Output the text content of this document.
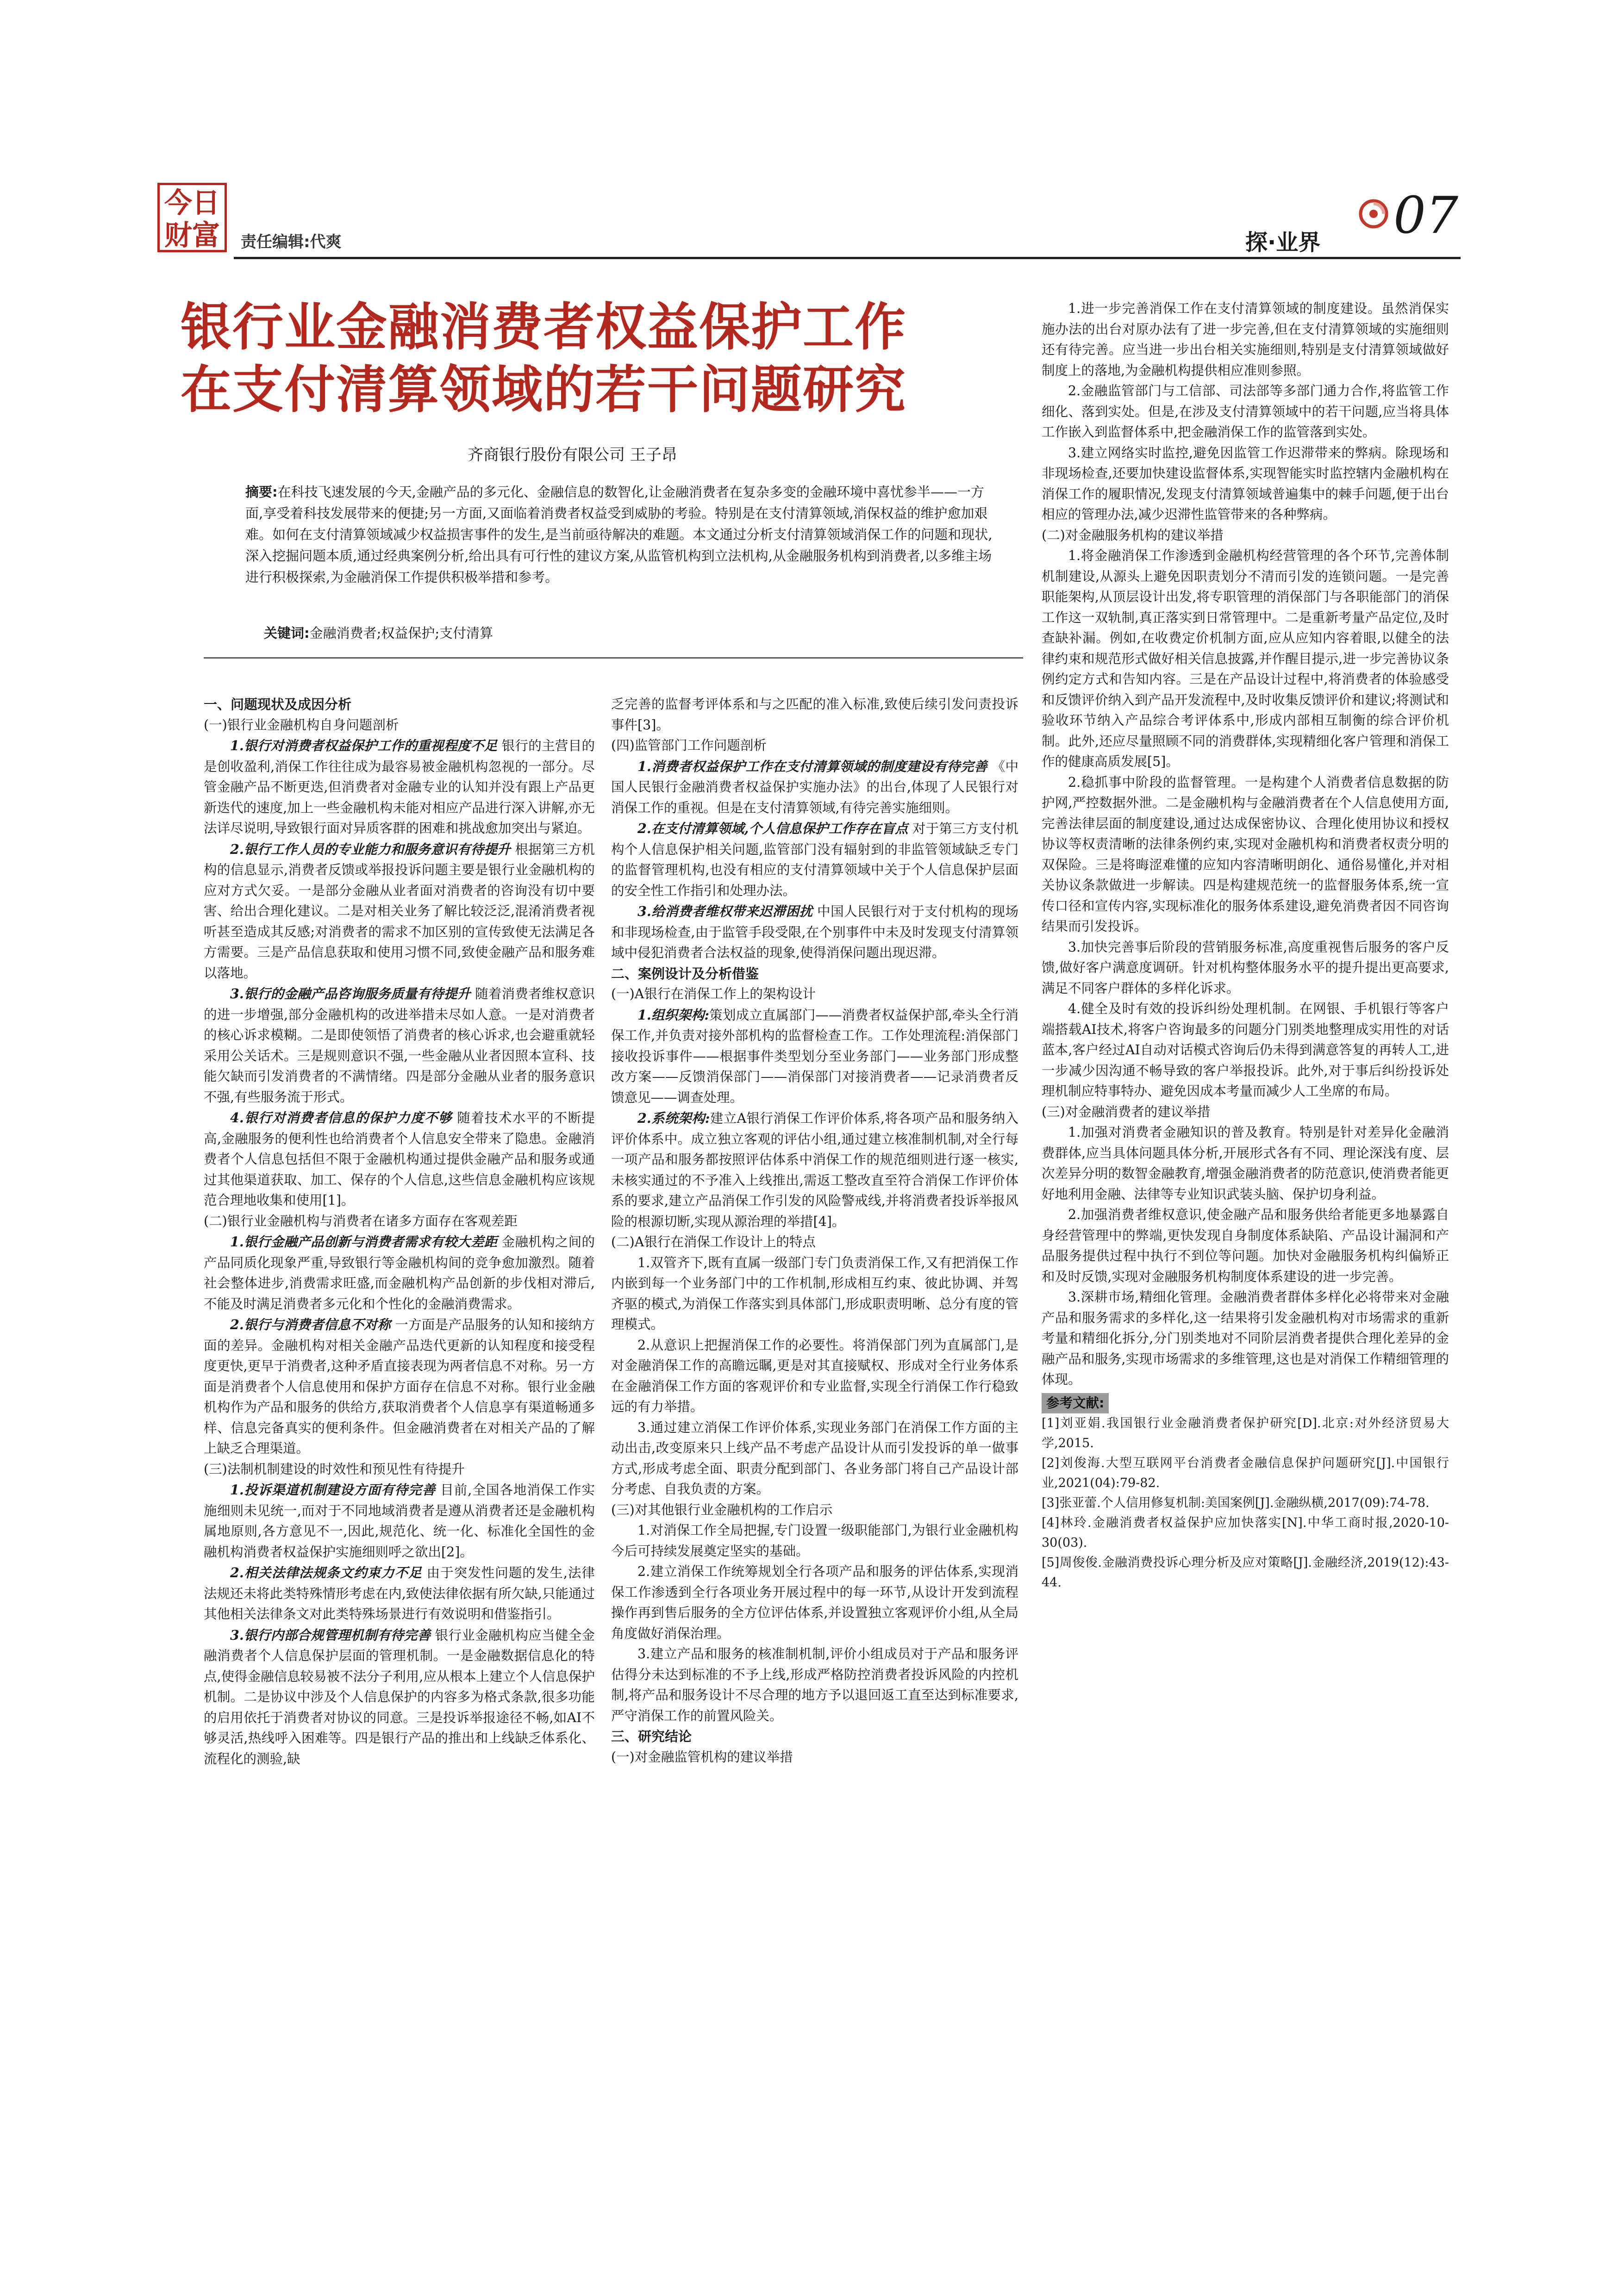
今日
财富 责任编辑:代爽	探·业界 07
银行业金融消费者权益保护工作
在支付清算领域的若干问题研究
齐商银行股份有限公司 王子昂
摘要:在科技飞速发展的今天,金融产品的多元化、金融信息的数智化,让金融消费者在复杂多变的金融环境中喜忧参半——一方面,享受着科技发展带来的便捷;另一方面,又面临着消费者权益受到威胁的考验。特别是在支付清算领域,消保权益的维护愈加艰难。如何在支付清算领域减少权益损害事件的发生,是当前亟待解决的难题。本文通过分析支付清算领域消保工作的问题和现状,深入挖掘问题本质,通过经典案例分析,给出具有可行性的建议方案,从监管机构到立法机构,从金融服务机构到消费者,以多维主场进行积极探索,为金融消保工作提供积极举措和参考。
关键词:金融消费者;权益保护;支付清算
一、问题现状及成因分析
(一)银行业金融机构自身问题剖析

1.银行对消费者权益保护工作的重视程度不足 银行的主营目的是创收盈利,消保工作往往成为最容易被金融机构忽视的一部分。尽管金融产品不断更迭,但消费者对金融专业的认知并没有跟上产品更新迭代的速度,加上一些金融机构未能对相应产品进行深入讲解,亦无法详尽说明,导致银行面对异质客群的困难和挑战愈加突出与紧迫。

2.银行工作人员的专业能力和服务意识有待提升 根据第三方机构的信息显示,消费者反馈或举报投诉问题主要是银行业金融机构的应对方式欠妥。一是部分金融从业者面对消费者的咨询没有切中要害、给出合理化建议。二是对相关业务了解比较泛泛,混淆消费者视听甚至造成其反感;对消费者的需求不加区别的宣传致使无法满足各方需要。三是产品信息获取和使用习惯不同,致使金融产品和服务难以落地。

3.银行的金融产品咨询服务质量有待提升 随着消费者维权意识的进一步增强,部分金融机构的改进举措未尽如人意。一是对消费者的核心诉求模糊。二是即使领悟了消费者的核心诉求,也会避重就轻采用公关话术。三是规则意识不强,一些金融从业者因照本宣科、技能欠缺而引发消费者的不满情绪。四是部分金融从业者的服务意识不强,有些服务流于形式。

4.银行对消费者信息的保护力度不够 随着技术水平的不断提高,金融服务的便利性也给消费者个人信息安全带来了隐患。金融消费者个人信息包括但不限于金融机构通过提供金融产品和服务或通过其他渠道获取、加工、保存的个人信息,这些信息金融机构应该规范合理地收集和使用[1]。

(二)银行业金融机构与消费者在诸多方面存在客观差距

1.银行金融产品创新与消费者需求有较大差距 金融机构之间的产品同质化现象严重,导致银行等金融机构间的竞争愈加激烈。随着社会整体进步,消费需求旺盛,而金融机构产品创新的步伐相对滞后,不能及时满足消费者多元化和个性化的金融消费需求。

2.银行与消费者信息不对称 一方面是产品服务的认知和接纳方面的差异。金融机构对相关金融产品迭代更新的认知程度和接受程度更快,更早于消费者,这种矛盾直接表现为两者信息不对称。另一方面是消费者个人信息使用和保护方面存在信息不对称。银行业金融机构作为产品和服务的供给方,获取消费者个人信息享有渠道畅通多样、信息完备真实的便利条件。但金融消费者在对相关产品的了解上缺乏合理渠道。

(三)法制机制建设的时效性和预见性有待提升

1.投诉渠道机制建设方面有待完善 目前,全国各地消保工作实施细则未见统一,而对于不同地域消费者是遵从消费者还是金融机构属地原则,各方意见不一,因此,规范化、统一化、标准化全国性的金融机构消费者权益保护实施细则呼之欲出[2]。

2.相关法律法规条文约束力不足 由于突发性问题的发生,法律法规还未将此类特殊情形考虑在内,致使法律依据有所欠缺,只能通过其他相关法律条文对此类特殊场景进行有效说明和借鉴指引。

3.银行内部合规管理机制有待完善 银行业金融机构应当健全金融消费者个人信息保护层面的管理机制。一是金融数据信息化的特点,使得金融信息较易被不法分子利用,应从根本上建立个人信息保护机制。二是协议中涉及个人信息保护的内容多为格式条款,很多功能的启用依托于消费者对协议的同意。三是投诉举报途径不畅,如AI不够灵活,热线呼入困难等。四是银行产品的推出和上线缺乏体系化、流程化的测验,缺

乏完善的监督考评体系和与之匹配的准入标准,致使后续引发问责投诉事件[3]。

(四)监管部门工作问题剖析

1.消费者权益保护工作在支付清算领域的制度建设有待完善 《中国人民银行金融消费者权益保护实施办法》的出台,体现了人民银行对消保工作的重视。但是在支付清算领域,有待完善实施细则。

2.在支付清算领域,个人信息保护工作存在盲点 对于第三方支付机构个人信息保护相关问题,监管部门没有辐射到的非监管领域缺乏专门的监督管理机构,也没有相应的支付清算领域中关于个人信息保护层面的安全性工作指引和处理办法。

3.给消费者维权带来迟滞困扰 中国人民银行对于支付机构的现场和非现场检查,由于监管手段受限,在个别事件中未及时发现支付清算领域中侵犯消费者合法权益的现象,使得消保问题出现迟滞。

二、案例设计及分析借鉴
(一)A银行在消保工作上的架构设计

1.组织架构:策划成立直属部门——消费者权益保护部,牵头全行消保工作,并负责对接外部机构的监督检查工作。工作处理流程:消保部门接收投诉事件——根据事件类型划分至业务部门——业务部门形成整改方案——反馈消保部门——消保部门对接消费者——记录消费者反馈意见——调查处理。

2.系统架构:建立A银行消保工作评价体系,将各项产品和服务纳入评价体系中。成立独立客观的评估小组,通过建立核准制机制,对全行每一项产品和服务都按照评估体系中消保工作的规范细则进行逐一核实,未核实通过的不予准入上线推出,需返工整改直至符合消保工作评价体系的要求,建立产品消保工作引发的风险警戒线,并将消费者投诉举报风险的根源切断,实现从源治理的举措[4]。

(二)A银行在消保工作设计上的特点

1.双管齐下,既有直属一级部门专门负责消保工作,又有把消保工作内嵌到每一个业务部门中的工作机制,形成相互约束、彼此协调、并驾齐驱的模式,为消保工作落实到具体部门,形成职责明晰、总分有度的管理模式。

2.从意识上把握消保工作的必要性。将消保部门列为直属部门,是对金融消保工作的高瞻远瞩,更是对其直接赋权、形成对全行业务体系在金融消保工作方面的客观评价和专业监督,实现全行消保工作行稳致远的有力举措。

3.通过建立消保工作评价体系,实现业务部门在消保工作方面的主动出击,改变原来只上线产品不考虑产品设计从而引发投诉的单一做事方式,形成考虑全面、职责分配到部门、各业务部门将自己产品设计部分考虑、自我负责的方案。

(三)对其他银行业金融机构的工作启示

1.对消保工作全局把握,专门设置一级职能部门,为银行业金融机构今后可持续发展奠定坚实的基础。

2.建立消保工作统筹规划全行各项产品和服务的评估体系,实现消保工作渗透到全行各项业务开展过程中的每一环节,从设计开发到流程操作再到售后服务的全方位评估体系,并设置独立客观评价小组,从全局角度做好消保治理。

3.建立产品和服务的核准制机制,评价小组成员对于产品和服务评估得分未达到标准的不予上线,形成严格防控消费者投诉风险的内控机制,将产品和服务设计不尽合理的地方予以退回返工直至达到标准要求,严守消保工作的前置风险关。

三、研究结论
(一)对金融监管机构的建议举措

1.进一步完善消保工作在支付清算领域的制度建设。虽然消保实施办法的出台对原办法有了进一步完善,但在支付清算领域的实施细则还有待完善。应当进一步出台相关实施细则,特别是支付清算领域做好制度上的落地,为金融机构提供相应准则参照。

2.金融监管部门与工信部、司法部等多部门通力合作,将监管工作细化、落到实处。但是,在涉及支付清算领域中的若干问题,应当将具体工作嵌入到监督体系中,把金融消保工作的监管落到实处。

3.建立网络实时监控,避免因监管工作迟滞带来的弊病。除现场和非现场检查,还要加快建设监督体系,实现智能实时监控辖内金融机构在消保工作的履职情况,发现支付清算领域普遍集中的棘手问题,便于出台相应的管理办法,减少迟滞性监管带来的各种弊病。

(二)对金融服务机构的建议举措

1.将金融消保工作渗透到金融机构经营管理的各个环节,完善体制机制建设,从源头上避免因职责划分不清而引发的连锁问题。一是完善职能架构,从顶层设计出发,将专职管理的消保部门与各职能部门的消保工作这一双轨制,真正落实到日常管理中。二是重新考量产品定位,及时查缺补漏。例如,在收费定价机制方面,应从应知内容着眼,以健全的法律约束和规范形式做好相关信息披露,并作醒目提示,进一步完善协议条例约定方式和告知内容。三是在产品设计过程中,将消费者的体验感受和反馈评价纳入到产品开发流程中,及时收集反馈评价和建议;将测试和验收环节纳入产品综合考评体系中,形成内部相互制衡的综合评价机制。此外,还应尽量照顾不同的消费群体,实现精细化客户管理和消保工作的健康高质发展[5]。

2.稳抓事中阶段的监督管理。一是构建个人消费者信息数据的防护网,严控数据外泄。二是金融机构与金融消费者在个人信息使用方面,完善法律层面的制度建设,通过达成保密协议、合理化使用协议和授权协议等权责清晰的法律条例约束,实现对金融机构和消费者权责分明的双保险。三是将晦涩难懂的应知内容清晰明朗化、通俗易懂化,并对相关协议条款做进一步解读。四是构建规范统一的监督服务体系,统一宣传口径和宣传内容,实现标准化的服务体系建设,避免消费者因不同咨询结果而引发投诉。

3.加快完善事后阶段的营销服务标准,高度重视售后服务的客户反馈,做好客户满意度调研。针对机构整体服务水平的提升提出更高要求,满足不同客户群体的多样化诉求。

4.健全及时有效的投诉纠纷处理机制。在网银、手机银行等客户端搭载AI技术,将客户咨询最多的问题分门别类地整理成实用性的对话蓝本,客户经过AI自动对话模式咨询后仍未得到满意答复的再转人工,进一步减少因沟通不畅导致的客户举报投诉。此外,对于事后纠纷投诉处理机制应特事特办、避免因成本考量而减少人工坐席的布局。

(三)对金融消费者的建议举措

1.加强对消费者金融知识的普及教育。特别是针对差异化金融消费群体,应当具体问题具体分析,开展形式各有不同、理论深浅有度、层次差异分明的数智金融教育,增强金融消费者的防范意识,使消费者能更好地利用金融、法律等专业知识武装头脑、保护切身利益。

2.加强消费者维权意识,使金融产品和服务供给者能更多地暴露自身经营管理中的弊端,更快发现自身制度体系缺陷、产品设计漏洞和产品服务提供过程中执行不到位等问题。加快对金融服务机构纠偏矫正和及时反馈,实现对金融服务机构制度体系建设的进一步完善。

3.深耕市场,精细化管理。金融消费者群体多样化必将带来对金融产品和服务需求的多样化,这一结果将引发金融机构对市场需求的重新考量和精细化拆分,分门别类地对不同阶层消费者提供合理化差异的金融产品和服务,实现市场需求的多维管理,这也是对消保工作精细管理的体现。

参考文献:

[1]刘亚娟.我国银行业金融消费者保护研究[D].北京:对外经济贸易大学,2015.

[2]刘俊海.大型互联网平台消费者金融信息保护问题研究[J].中国银行业,2021(04):79-82.

[3]张亚蕾.个人信用修复机制:美国案例[J].金融纵横,2017(09):74-78.

[4]林玲.金融消费者权益保护应加快落实[N].中华工商时报,2020-10-30(03).

[5]周俊俊.金融消费投诉心理分析及应对策略[J].金融经济,2019(12):43-44.
